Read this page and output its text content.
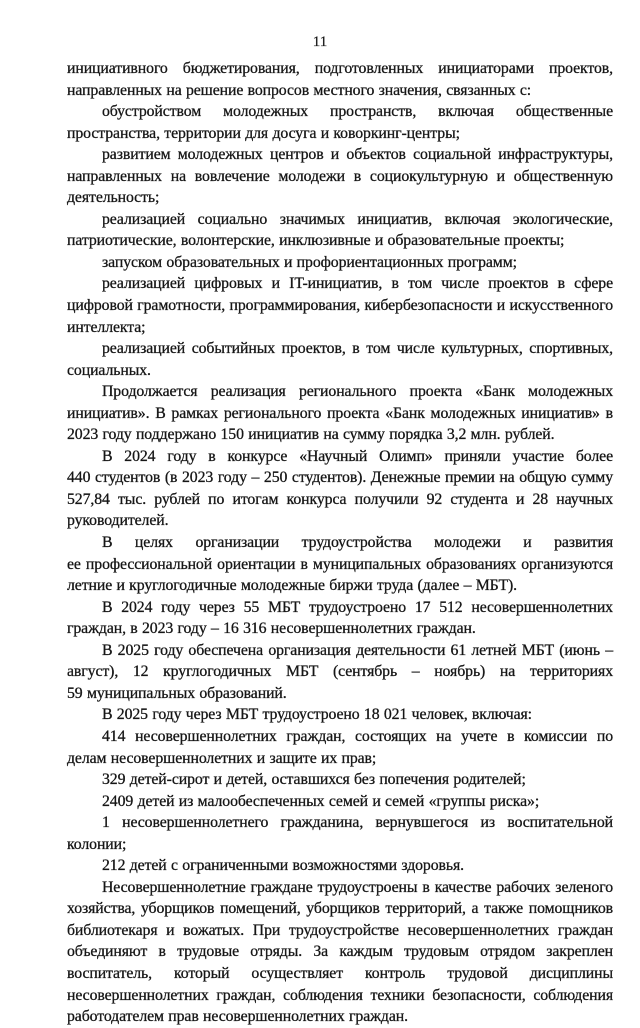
11

инициативного бюджетирования, подготовленных инициаторами проектов, направленных на решение вопросов местного значения, связанных с:

обустройством молодежных пространств, включая общественные пространства, территории для досуга и коворкинг-центры;

развитием молодежных центров и объектов социальной инфраструктуры, направленных на вовлечение молодежи в социокультурную и общественную деятельность;

реализацией социально значимых инициатив, включая экологические, патриотические, волонтерские, инклюзивные и образовательные проекты;

запуском образовательных и профориентационных программ;

реализацией цифровых и IT-инициатив, в том числе проектов в сфере цифровой грамотности, программирования, кибербезопасности и искусственного интеллекта;

реализацией событийных проектов, в том числе культурных, спортивных, социальных.

Продолжается реализация регионального проекта «Банк молодежных инициатив». В рамках регионального проекта «Банк молодежных инициатив» в 2023 году поддержано 150 инициатив на сумму порядка 3,2 млн. рублей.

В 2024 году в конкурсе «Научный Олимп» приняли участие более 440 студентов (в 2023 году – 250 студентов). Денежные премии на общую сумму 527,84 тыс. рублей по итогам конкурса получили 92 студента и 28 научных руководителей.

В целях организации трудоустройства молодежи и развития ее профессиональной ориентации в муниципальных образованиях организуются летние и круглогодичные молодежные биржи труда (далее – МБТ).

В 2024 году через 55 МБТ трудоустроено 17 512 несовершеннолетних граждан, в 2023 году – 16 316 несовершеннолетних граждан.

В 2025 году обеспечена организация деятельности 61 летней МБТ (июнь – август), 12 круглогодичных МБТ (сентябрь – ноябрь) на территориях 59 муниципальных образований.

В 2025 году через МБТ трудоустроено 18 021 человек, включая:

414 несовершеннолетних граждан, состоящих на учете в комиссии по делам несовершеннолетних и защите их прав;

329 детей-сирот и детей, оставшихся без попечения родителей;

2409 детей из малообеспеченных семей и семей «группы риска»;

1 несовершеннолетнего гражданина, вернувшегося из воспитательной колонии;

212 детей с ограниченными возможностями здоровья.

Несовершеннолетние граждане трудоустроены в качестве рабочих зеленого хозяйства, уборщиков помещений, уборщиков территорий, а также помощников библиотекаря и вожатых. При трудоустройстве несовершеннолетних граждан объединяют в трудовые отряды. За каждым трудовым отрядом закреплен воспитатель, который осуществляет контроль трудовой дисциплины несовершеннолетних граждан, соблюдения техники безопасности, соблюдения работодателем прав несовершеннолетних граждан.
